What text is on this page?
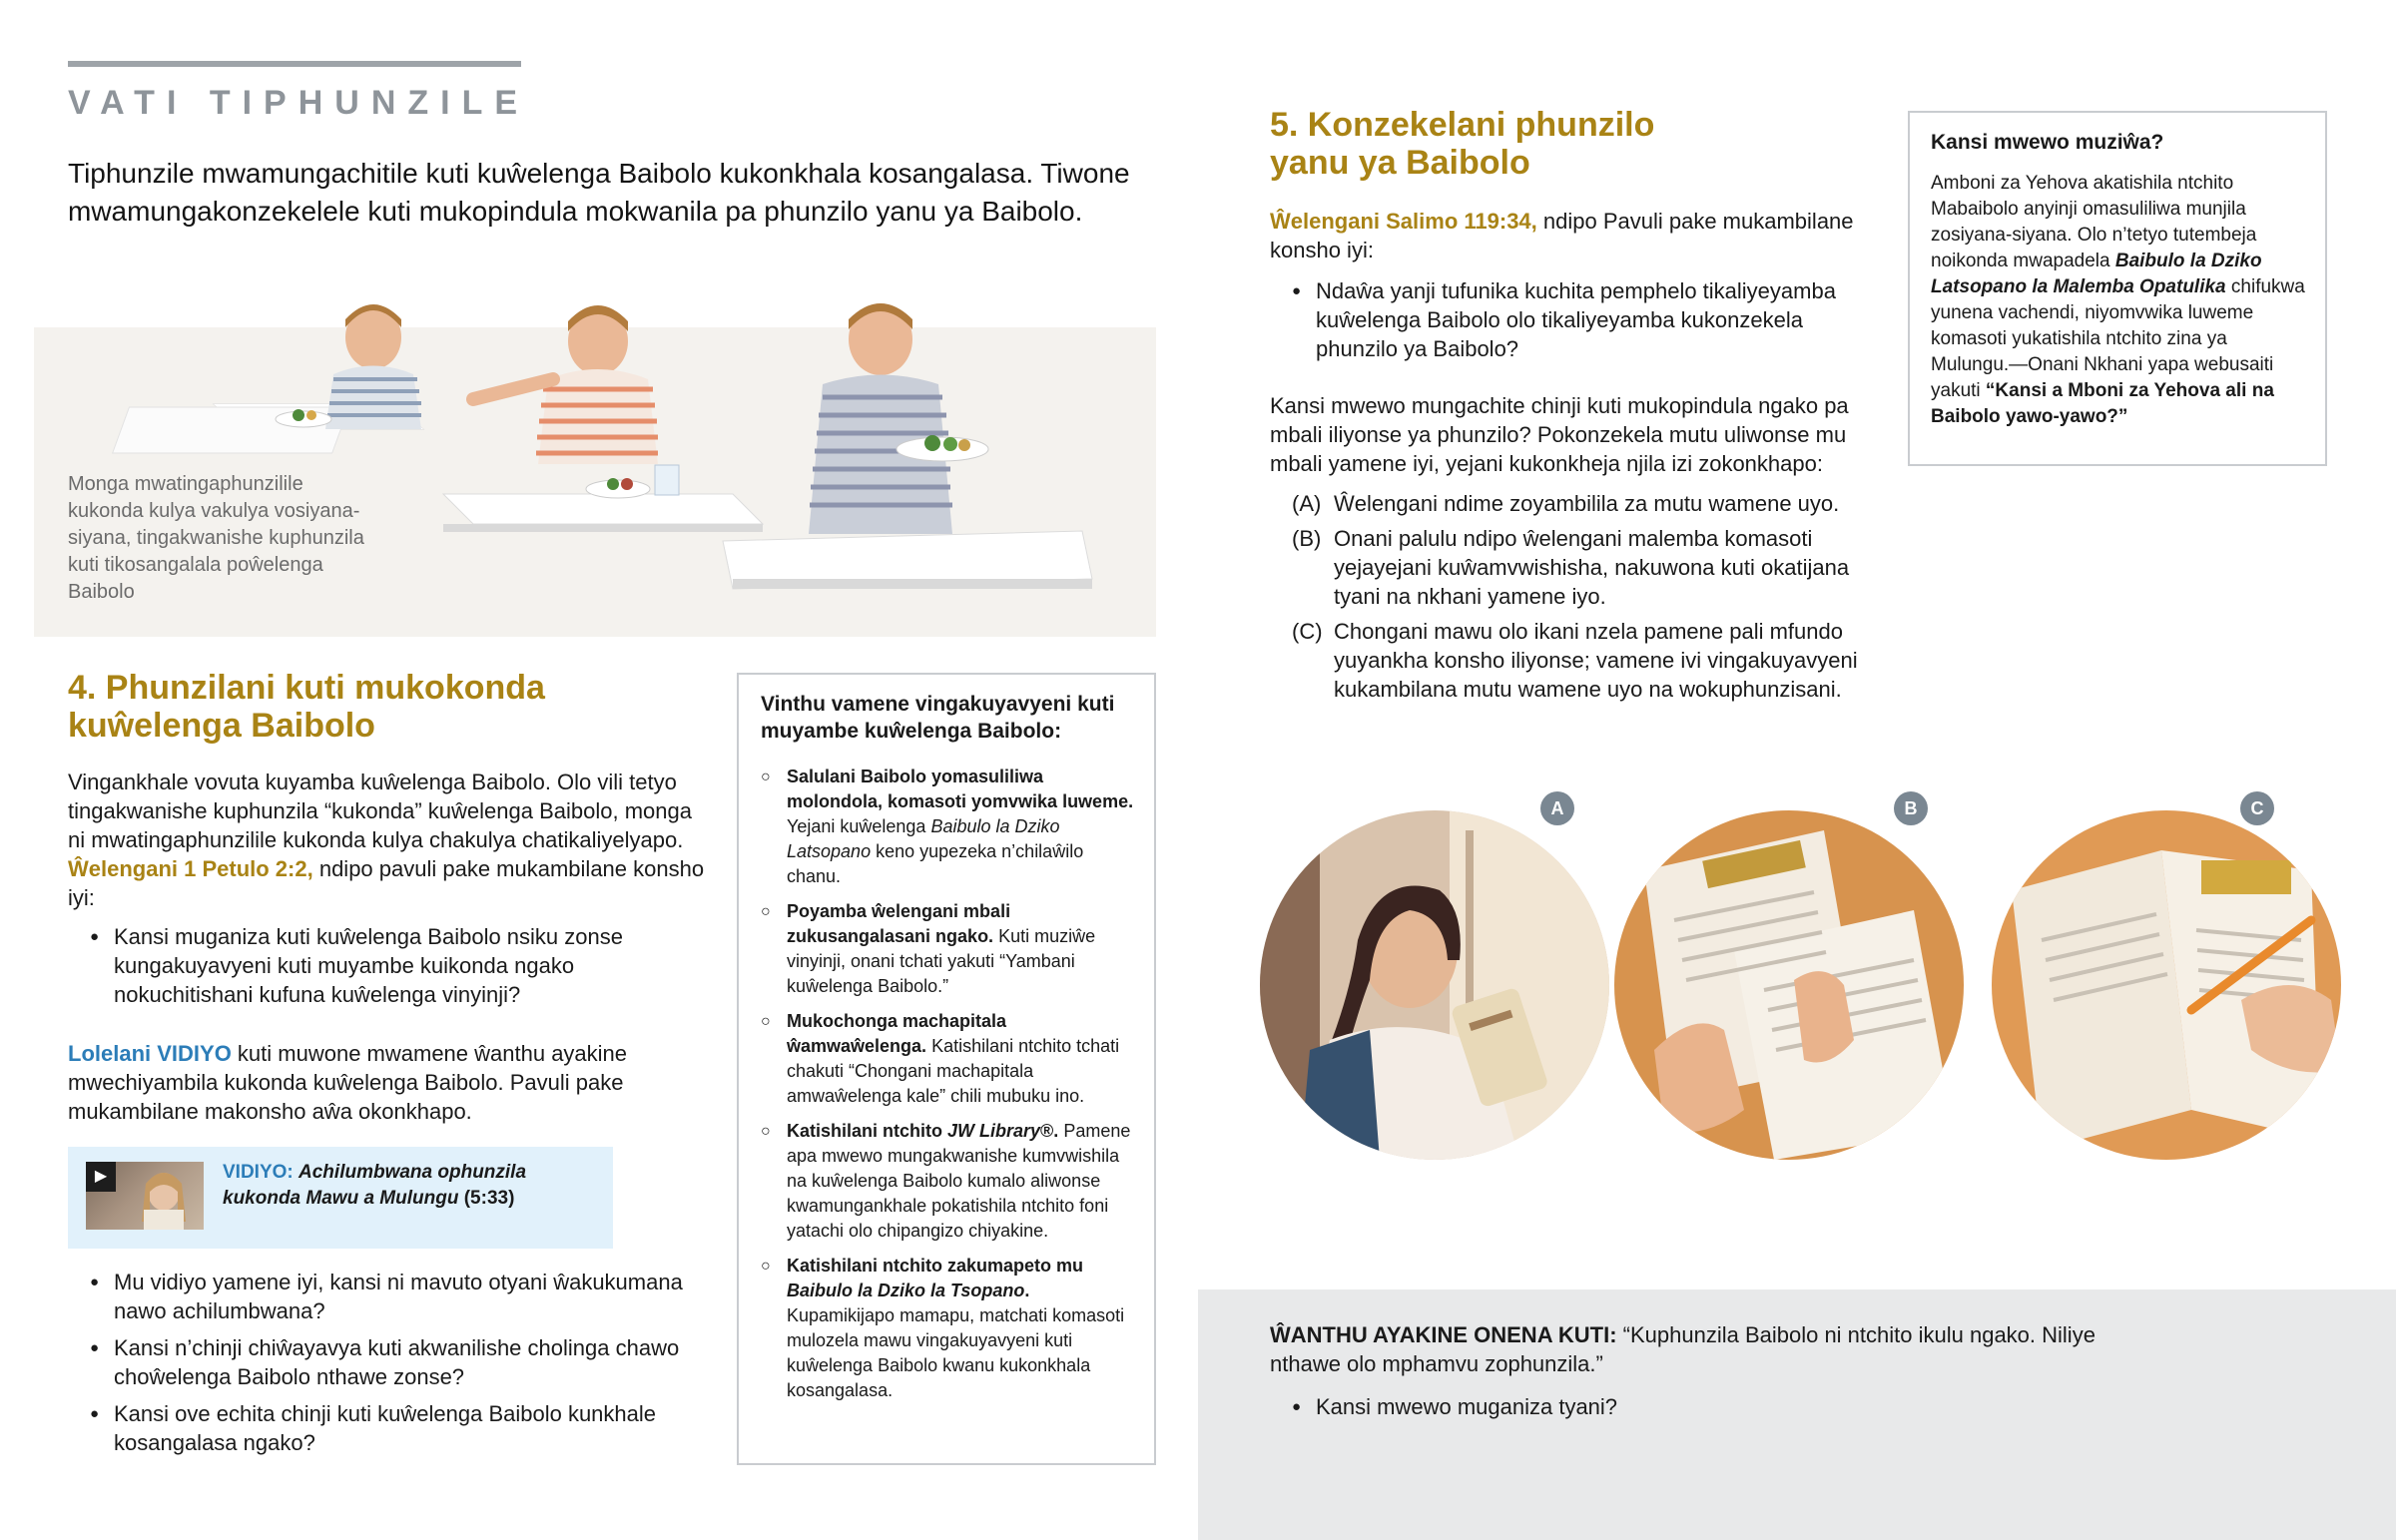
VATI TIPHUNZILE
Tiphunzile mwamungachitile kuti kuŵelenga Baibolo kukonkhala kosangalasa. Tiwone mwamungakonzekelele kuti mukopindula mokwanila pa phunzilo yanu ya Baibolo.
Monga mwatingaphunzilile kukonda kulya vakulya vosiyana-siyana, tingakwanishe kuphunzila kuti tikosangalala poŵelenga Baibolo
4. Phunzilani kuti mukokonda
kuŵelenga Baibolo
Vingankhale vovuta kuyamba kuŵelenga Baibolo. Olo vili tetyo tingakwanishe kuphunzila “kukonda” kuŵelenga Baibolo, monga ni mwatingaphunzilile kukonda kulya chakulya chatikaliyelyapo. Ŵelengani 1 Petulo 2:2, ndipo pavuli pake mukambilane konsho iyi:
● Kansi muganiza kuti kuŵelenga Baibolo nsiku zonse kungakuyavyeni kuti muyambe kuikonda ngako nokuchitishani kufuna kuŵelenga vinyinji?
Lolelani VIDIYO kuti muwone mwamene ŵanthu ayakine mwechiyambila kukonda kuŵelenga Baibolo. Pavuli pake mukambilane makonsho aŵa okonkhapo.
▶	VIDIYO: Achilumbwana ophunzila kukonda Mawu a Mulungu (5:33)
● Mu vidiyo yamene iyi, kansi ni mavuto otyani ŵakukumana nawo achilumbwana?
● Kansi n’chinji chiŵayavya kuti akwanilishe cholinga chawo choŵelenga Baibolo nthawe zonse?
● Kansi ove echita chinji kuti kuŵelenga Baibolo kunkhale kosangalasa ngako?
Vinthu vamene vingakuyavyeni kuti muyambe kuŵelenga Baibolo:
○ Salulani Baibolo yomasuliliwa molondola, komasoti yomvwika luweme. Yejani kuŵelenga Baibulo la Dziko Latsopano keno yupezeka n’chilaŵilo chanu.
○ Poyamba ŵelengani mbali zukusangalasani ngako. Kuti muziŵe vinyinji, onani tchati yakuti “Yambani kuŵelenga Baibolo.”
○ Mukochonga machapitala ŵamwaŵelenga. Katishilani ntchito tchati chakuti “Chongani machapitala amwaŵelenga kale” chili mubuku ino.
○ Katishilani ntchito JW Library®. Pamene apa mwewo mungakwanishe kumvwishila na kuŵelenga Baibolo kumalo aliwonse kwamungankhale pokatishila ntchito foni yatachi olo chipangizo chiyakine.
○ Katishilani ntchito zakumapeto mu Baibulo la Dziko la Tsopano. Kupamikijapo mamapu, matchati komasoti mulozela mawu vingakuyavyeni kuti kuŵelenga Baibolo kwanu kukonkhala kosangalasa.
5. Konzekelani phunzilo
yanu ya Baibolo
Ŵelengani Salimo 119:34, ndipo Pavuli pake mukambilane konsho iyi:
● Ndaŵa yanji tufunika kuchita pemphelo tikaliyeyamba kuŵelenga Baibolo olo tikaliyeyamba kukonzekela phunzilo ya Baibolo?
Kansi mwewo mungachite chinji kuti mukopindula ngako pa mbali iliyonse ya phunzilo? Pokonzekela mutu uliwonse mu mbali yamene iyi, yejani kukonkheja njila izi zokonkhapo:
(A) Ŵelengani ndime zoyambilila za mutu wamene uyo.
(B) Onani palulu ndipo ŵelengani malemba komasoti yejayejani kuŵamvwishisha, nakuwona kuti okatijana tyani na nkhani yamene iyo.
(C) Chongani mawu olo ikani nzela pamene pali mfundo yuyankha konsho iliyonse; vamene ivi vingakuyavyeni kukambilana mutu wamene uyo na wokuphunzisani.
Kansi mwewo muziŵa?
Amboni za Yehova akatishila ntchito Mabaibolo anyinji omasuliliwa munjila zosiyana-siyana. Olo n’tetyo tutembeja noikonda mwapadela Baibulo la Dziko Latsopano la Malemba Opatulika chifukwa yunena vachendi, niyomvwika luweme komasoti yukatishila ntchito zina ya Mulungu.—Onani Nkhani yapa webusaiti yakuti “Kansi a Mboni za Yehova ali na Baibolo yawo-yawo?”
A	B	C
ŴANTHU AYAKINE ONENA KUTI: “Kuphunzila Baibolo ni ntchito ikulu ngako. Niliye nthawe olo mphamvu zophunzila.”
● Kansi mwewo muganiza tyani?
